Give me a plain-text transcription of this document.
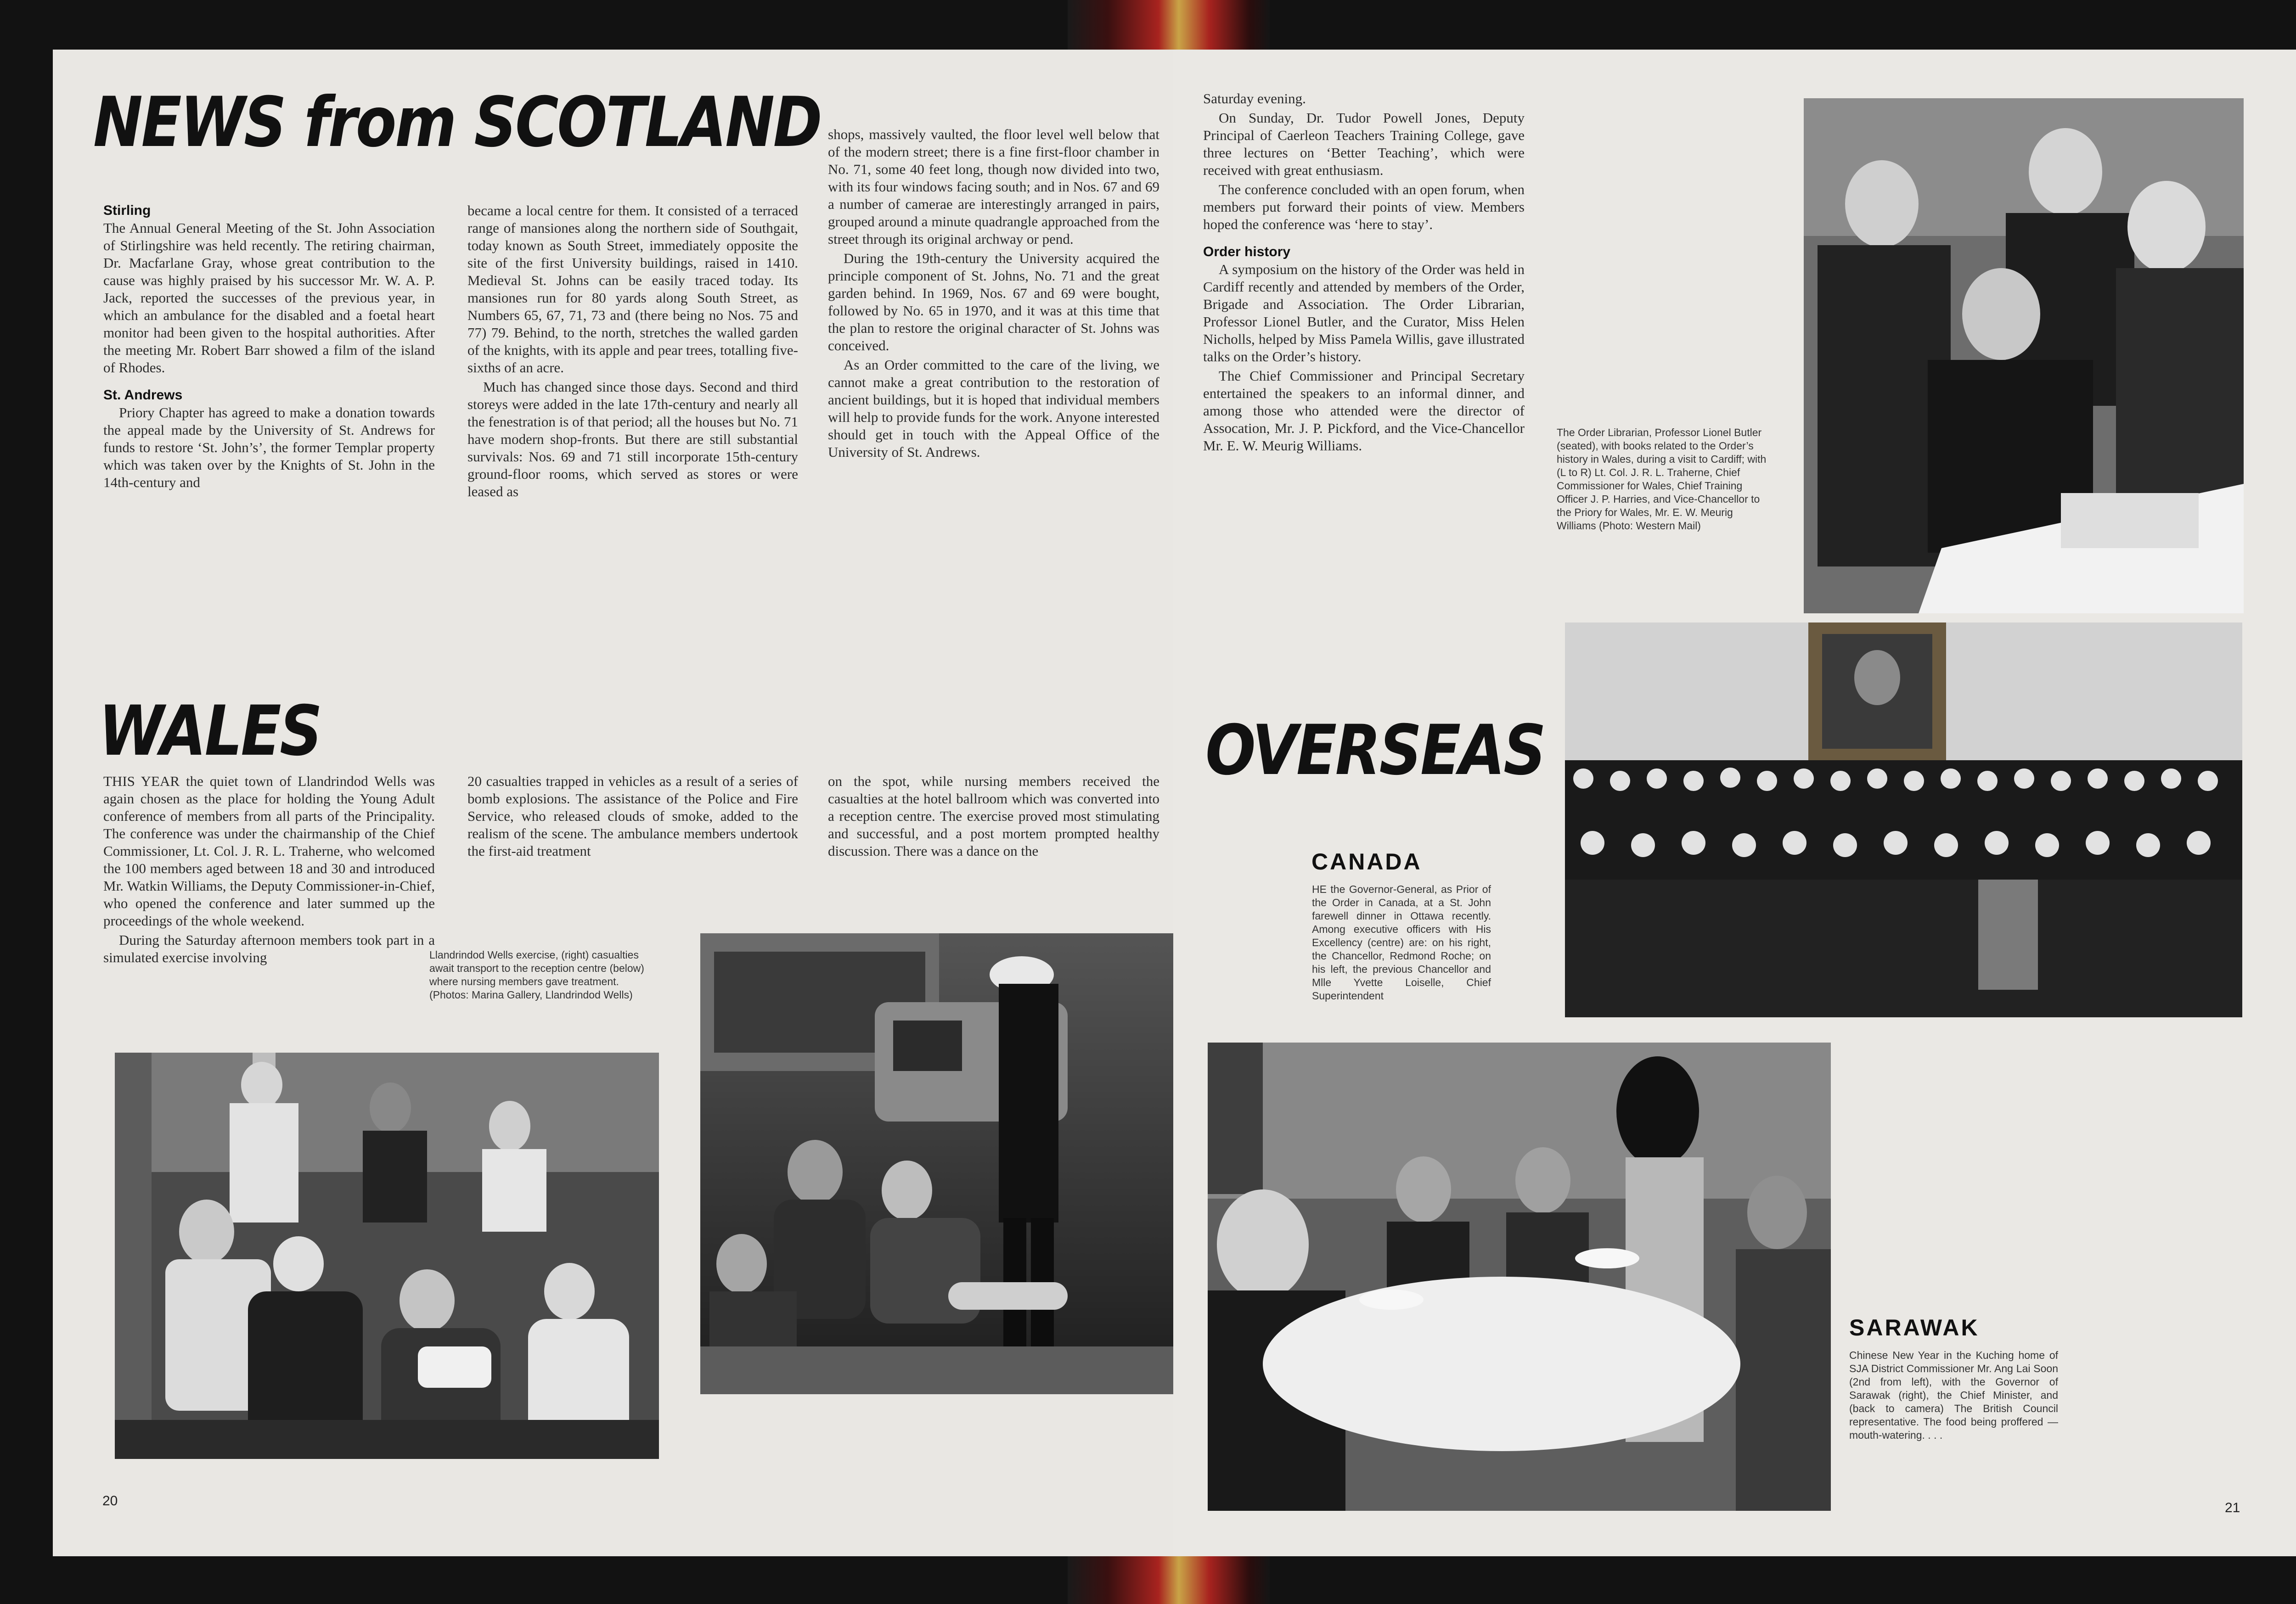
NEWS from SCOTLAND
Stirling

The Annual General Meeting of the St. John Association of Stirlingshire was held recently. The retiring chairman, Dr. Macfarlane Gray, whose great contribution to the cause was highly praised by his successor Mr. W. A. P. Jack, reported the successes of the previous year, in which an ambulance for the disabled and a foetal heart monitor had been given to the hospital authorities. After the meeting Mr. Robert Barr showed a film of the island of Rhodes.

St. Andrews

Priory Chapter has agreed to make a donation towards the appeal made by the University of St. Andrews for funds to restore ‘St. John’s’, the former Templar property which was taken over by the Knights of St. John in the 14th-century and

became a local centre for them. It consisted of a terraced range of mansiones along the northern side of Southgait, today known as South Street, immediately opposite the site of the first University buildings, raised in 1410. Medieval St. Johns can be easily traced today. Its mansiones run for 80 yards along South Street, as Numbers 65, 67, 71, 73 and (there being no Nos. 75 and 77) 79. Behind, to the north, stretches the walled garden of the knights, with its apple and pear trees, totalling five-sixths of an acre.

Much has changed since those days. Second and third storeys were added in the late 17th-century and nearly all the fenestration is of that period; all the houses but No. 71 have modern shop-fronts. But there are still substantial survivals: Nos. 69 and 71 still incorporate 15th-century ground-floor rooms, which served as stores or were leased as

shops, massively vaulted, the floor level well below that of the modern street; there is a fine first-floor chamber in No. 71, some 40 feet long, though now divided into two, with its four windows facing south; and in Nos. 67 and 69 a number of camerae are interestingly arranged in pairs, grouped around a minute quadrangle approached from the street through its original archway or pend.

During the 19th-century the University acquired the principle component of St. Johns, No. 71 and the great garden behind. In 1969, Nos. 67 and 69 were bought, followed by No. 65 in 1970, and it was at this time that the plan to restore the original character of St. Johns was conceived.

As an Order committed to the care of the living, we cannot make a great contribution to the restoration of ancient buildings, but it is hoped that individual members will help to provide funds for the work. Anyone interested should get in touch with the Appeal Office of the University of St. Andrews.

WALES

THIS YEAR the quiet town of Llandrindod Wells was again chosen as the place for holding the Young Adult conference of members from all parts of the Principality. The conference was under the chairmanship of the Chief Commissioner, Lt. Col. J. R. L. Traherne, who welcomed the 100 members aged between 18 and 30 and introduced Mr. Watkin Williams, the Deputy Commissioner-in-Chief, who opened the conference and later summed up the proceedings of the whole weekend.

During the Saturday afternoon members took part in a simulated exercise involving

20 casualties trapped in vehicles as a result of a series of bomb explosions. The assistance of the Police and Fire Service, who released clouds of smoke, added to the realism of the scene. The ambulance members undertook the first-aid treatment

on the spot, while nursing members received the casualties at the hotel ballroom which was converted into a reception centre. The exercise proved most stimulating and successful, and a post mortem prompted healthy discussion. There was a dance on the

Llandrindod Wells exercise, (right) casualties await transport to the reception centre (below) where nursing members gave treatment. (Photos: Marina Gallery, Llandrindod Wells)
20

Saturday evening.

On Sunday, Dr. Tudor Powell Jones, Deputy Principal of Caerleon Teachers Training College, gave three lectures on ‘Better Teaching’, which were received with great enthusiasm.

The conference concluded with an open forum, when members put forward their points of view. Members hoped the conference was ‘here to stay’.

Order history

A symposium on the history of the Order was held in Cardiff recently and attended by members of the Order, Brigade and Association. The Order Librarian, Professor Lionel Butler, and the Curator, Miss Helen Nicholls, helped by Miss Pamela Willis, gave illustrated talks on the Order’s history.

The Chief Commissioner and Principal Secretary entertained the speakers to an informal dinner, and among those who attended were the director of Assocation, Mr. J. P. Pickford, and the Vice-Chancellor Mr. E. W. Meurig Williams.

The Order Librarian, Professor Lionel Butler (seated), with books related to the Order’s history in Wales, during a visit to Cardiff; with (L to R) Lt. Col. J. R. L. Traherne, Chief Commissioner for Wales, Chief Training Officer J. P. Harries, and Vice-Chancellor to the Priory for Wales, Mr. E. W. Meurig Williams (Photo: Western Mail)
OVERSEAS
CANADA
HE the Governor-General, as Prior of the Order in Canada, at a St. John farewell dinner in Ottawa recently. Among executive officers with His Excellency (centre) are: on his right, the Chancellor, Redmond Roche; on his left, the previous Chancellor and Mlle Yvette Loiselle, Chief Superintendent
SARAWAK
Chinese New Year in the Kuching home of SJA District Commissioner Mr. Ang Lai Soon (2nd from left), with the Governor of Sarawak (right), the Chief Minister, and (back to camera) The British Council representative. The food being proffered — mouth-watering. . . .
21
